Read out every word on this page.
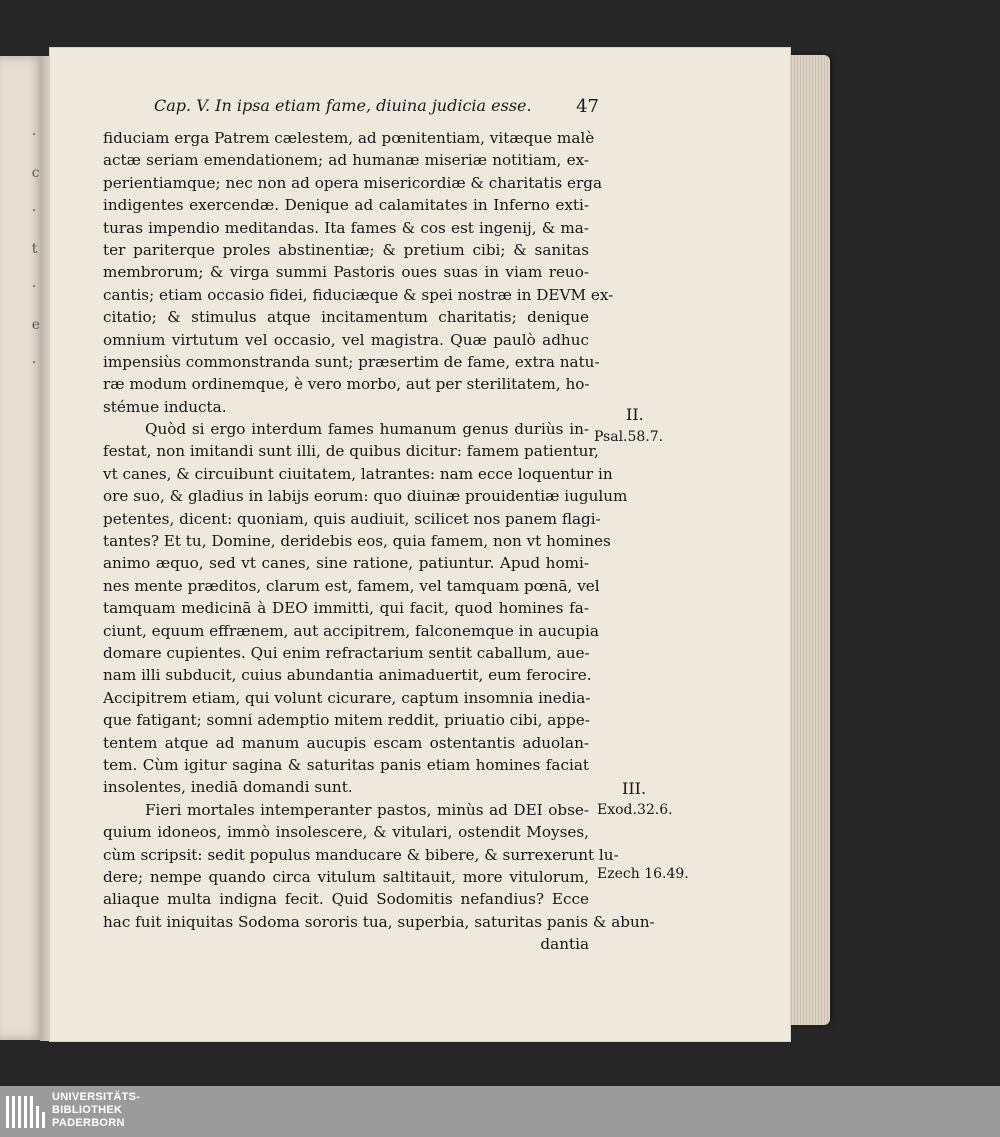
·
c
·
t
·
e
·
Cap. V. In ipsa etiam fame, diuina judicia esse. 47
fiduciam erga Patrem cælestem, ad pœnitentiam, vitæque malè
actæ seriam emendationem; ad humanæ miseriæ notitiam, ex-
perientiamque; nec non ad opera misericordiæ & charitatis erga
indigentes exercendæ. Denique ad calamitates in Inferno exti-
turas impendio meditandas. Ita fames & cos est ingenij, & ma-
ter pariterque proles abstinentiæ; & pretium cibi; & sanitas
membrorum; & virga summi Pastoris oues suas in viam reuo-
cantis; etiam occasio fidei, fiduciæque & spei nostræ in DEVM ex-
citatio; & stimulus atque incitamentum charitatis; denique
omnium virtutum vel occasio, vel magistra. Quæ paulò adhuc
impensiùs commonstranda sunt; præsertim de fame, extra natu-
ræ modum ordinemque, è vero morbo, aut per sterilitatem, ho-
stémue inducta.
Quòd si ergo interdum fames humanum genus duriùs in-
festat, non imitandi sunt illi, de quibus dicitur: famem patientur,
vt canes, & circuibunt ciuitatem, latrantes: nam ecce loquentur in
ore suo, & gladius in labijs eorum: quo diuinæ prouidentiæ iugulum
petentes, dicent: quoniam, quis audiuit, scilicet nos panem flagi-
tantes? Et tu, Domine, deridebis eos, quia famem, non vt homines
animo æquo, sed vt canes, sine ratione, patiuntur. Apud homi-
nes mente præditos, clarum est, famem, vel tamquam pœnā, vel
tamquam medicinā à DEO immitti, qui facit, quod homines fa-
ciunt, equum effrænem, aut accipitrem, falconemque in aucupia
domare cupientes. Qui enim refractarium sentit caballum, aue-
nam illi subducit, cuius abundantia animaduertit, eum ferocire.
Accipitrem etiam, qui volunt cicurare, captum insomnia inedia-
que fatigant; somni ademptio mitem reddit, priuatio cibi, appe-
tentem atque ad manum aucupis escam ostentantis aduolan-
tem. Cùm igitur sagina & saturitas panis etiam homines faciat
insolentes, inediā domandi sunt.
Fieri mortales intemperanter pastos, minùs ad DEI obse-
quium idoneos, immò insolescere, & vitulari, ostendit Moyses,
cùm scripsit: sedit populus manducare & bibere, & surrexerunt lu-
dere; nempe quando circa vitulum saltitauit, more vitulorum,
aliaque multa indigna fecit. Quid Sodomitis nefandius? Ecce
hac fuit iniquitas Sodoma sororis tua, superbia, saturitas panis & abun-
dantia
II.
Psal.58.7.
III.
Exod.32.6.
Ezech 16.49.
UNIVERSITÄTS-
BIBLIOTHEK
PADERBORN
